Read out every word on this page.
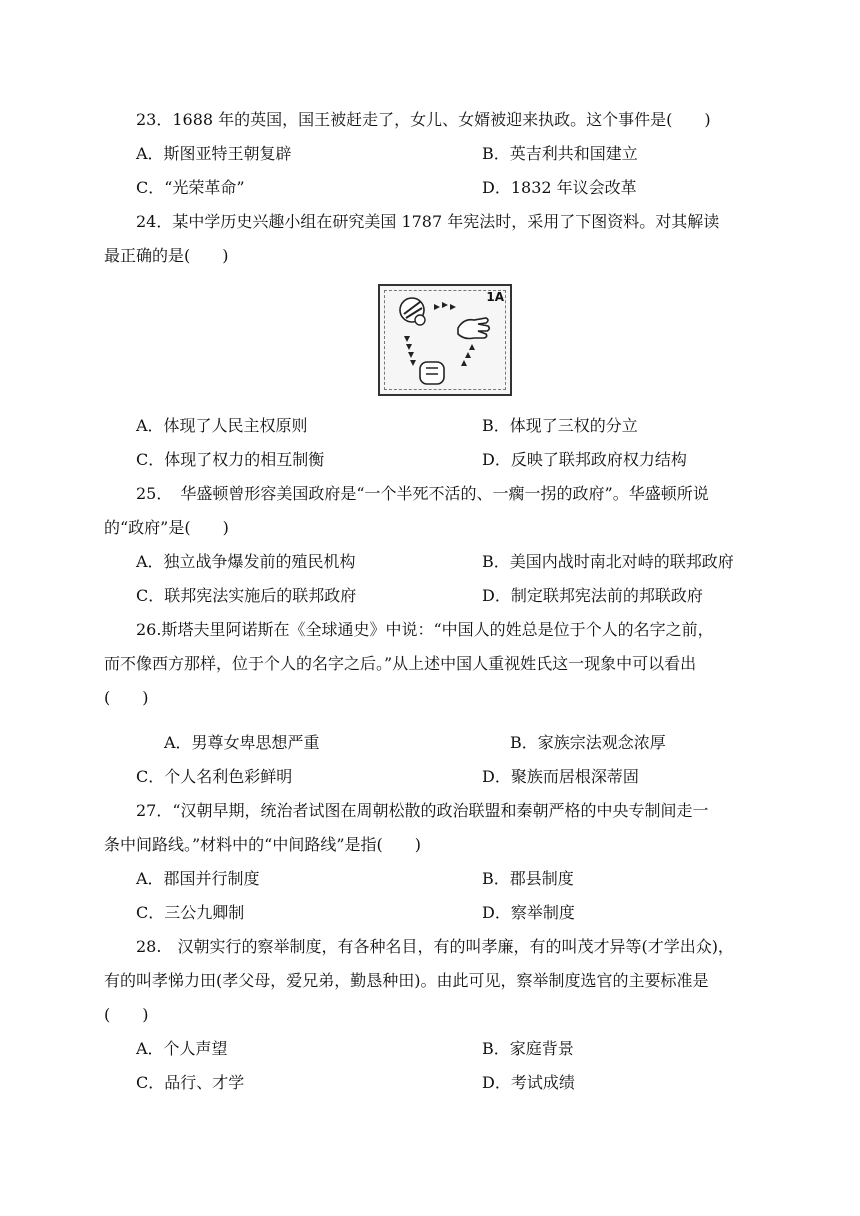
23．1688 年的英国，国王被赶走了，女儿、女婿被迎来执政。这个事件是(　　)
A．斯图亚特王朝复辟	B．英吉利共和国建立
C．“光荣革命”	D．1832 年议会改革
24．某中学历史兴趣小组在研究美国 1787 年宪法时，采用了下图资料。对其解读
最正确的是(　　)
1A
A．体现了人民主权原则	B．体现了三权的分立
C．体现了权力的相互制衡	D．反映了联邦政府权力结构
25．　华盛顿曾形容美国政府是“一个半死不活的、一瘸一拐的政府”。华盛顿所说
的“政府”是(　　)
A．独立战争爆发前的殖民机构	B．美国内战时南北对峙的联邦政府
C．联邦宪法实施后的联邦政府	D．制定联邦宪法前的邦联政府
26.斯塔夫里阿诺斯在《全球通史》中说：“中国人的姓总是位于个人的名字之前，
而不像西方那样，位于个人的名字之后。”从上述中国人重视姓氏这一现象中可以看出
(　　)
A．男尊女卑思想严重	B．家族宗法观念浓厚
C．个人名利色彩鲜明	D．聚族而居根深蒂固
27．“汉朝早期，统治者试图在周朝松散的政治联盟和秦朝严格的中央专制间走一
条中间路线。”材料中的“中间路线”是指(　　)
A．郡国并行制度	B．郡县制度
C．三公九卿制	D．察举制度
28.　汉朝实行的察举制度，有各种名目，有的叫孝廉，有的叫茂才异等(才学出众)，
有的叫孝悌力田(孝父母，爱兄弟，勤恳种田)。由此可见，察举制度选官的主要标准是
(　　)
A．个人声望	B．家庭背景
C．品行、才学	D．考试成绩
